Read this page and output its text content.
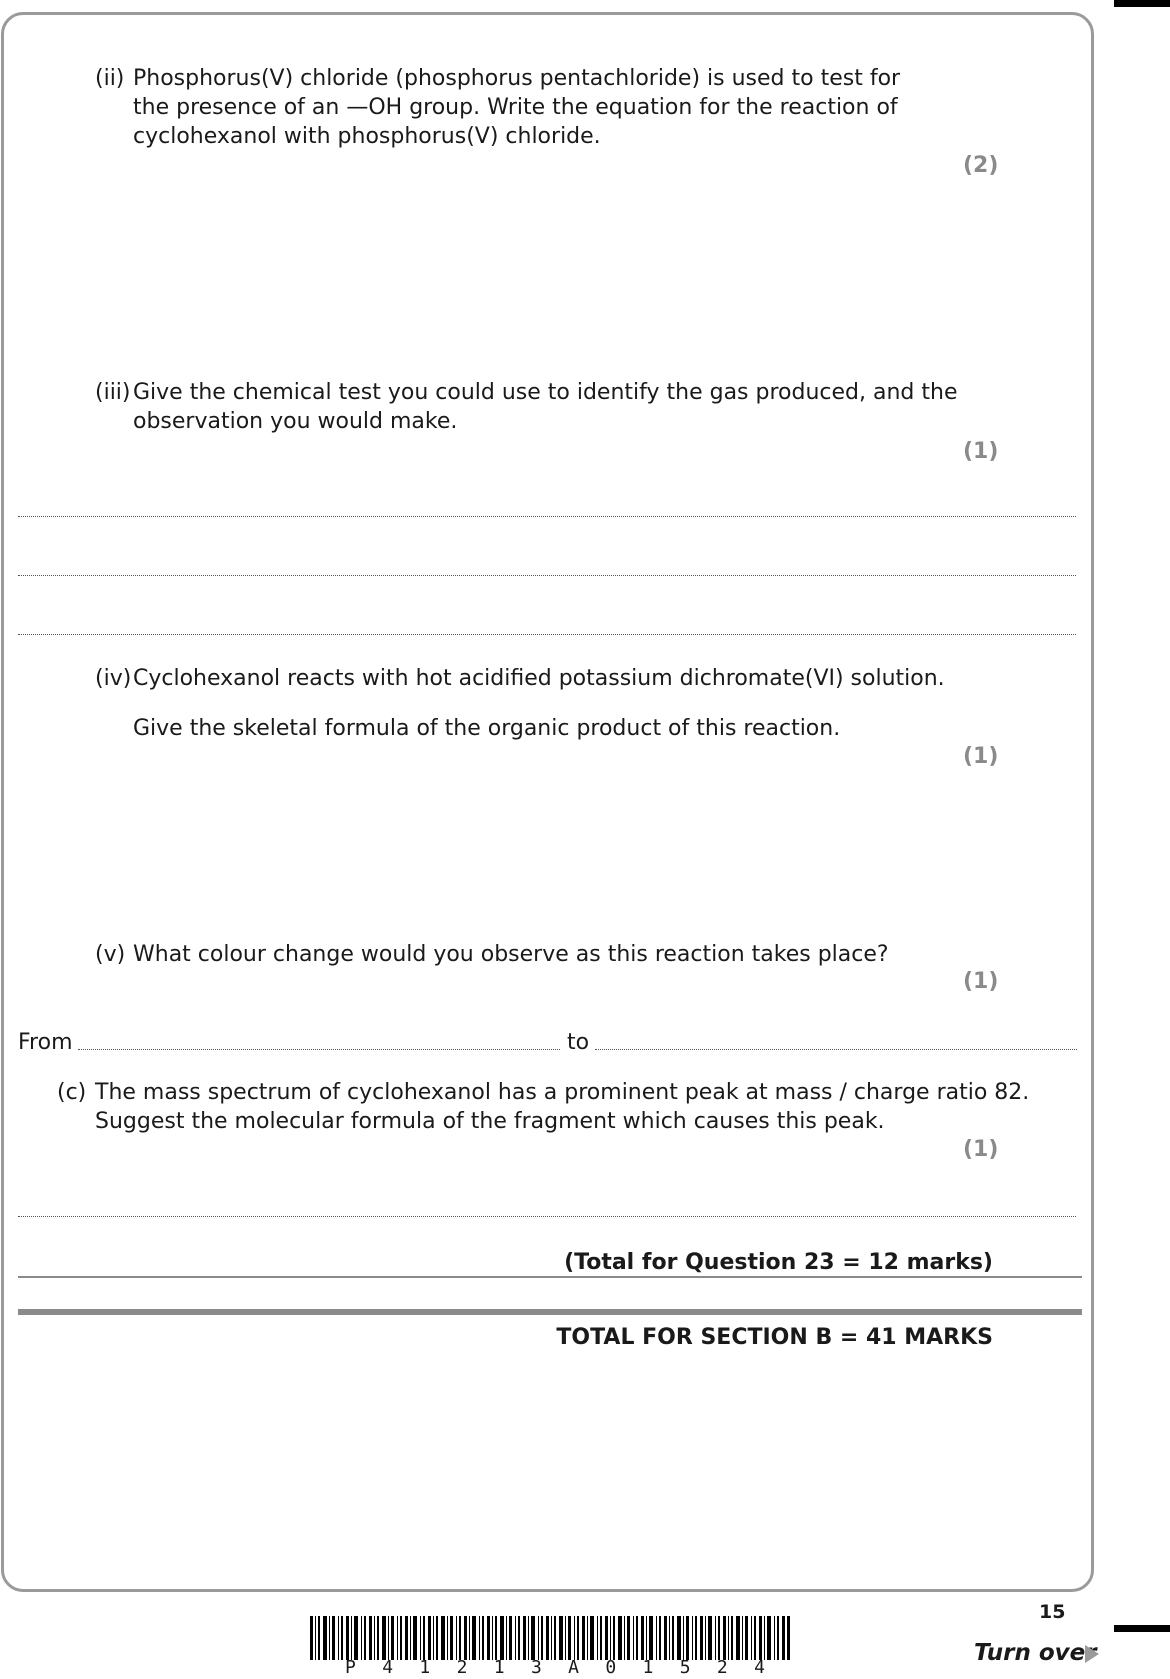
(ii) Phosphorus(V) chloride (phosphorus pentachloride) is used to test for
the presence of an —OH group. Write the equation for the reaction of
cyclohexanol with phosphorus(V) chloride.
(2)
(iii) Give the chemical test you could use to identify the gas produced, and the
observation you would make.
(1)
(iv)Cyclohexanol reacts with hot acidified potassium dichromate(VI) solution.
Give the skeletal formula of the organic product of this reaction.
(1)
(v) What colour change would you observe as this reaction takes place?
(1)
From	to
(c) The mass spectrum of cyclohexanol has a prominent peak at mass / charge ratio 82.
Suggest the molecular formula of the fragment which causes this peak.
(1)
(Total for Question 23 = 12 marks)
TOTAL FOR SECTION B = 41 MARKS
15
P 4 1 2 1 3 A 0 1 5 2 4
Turn over
